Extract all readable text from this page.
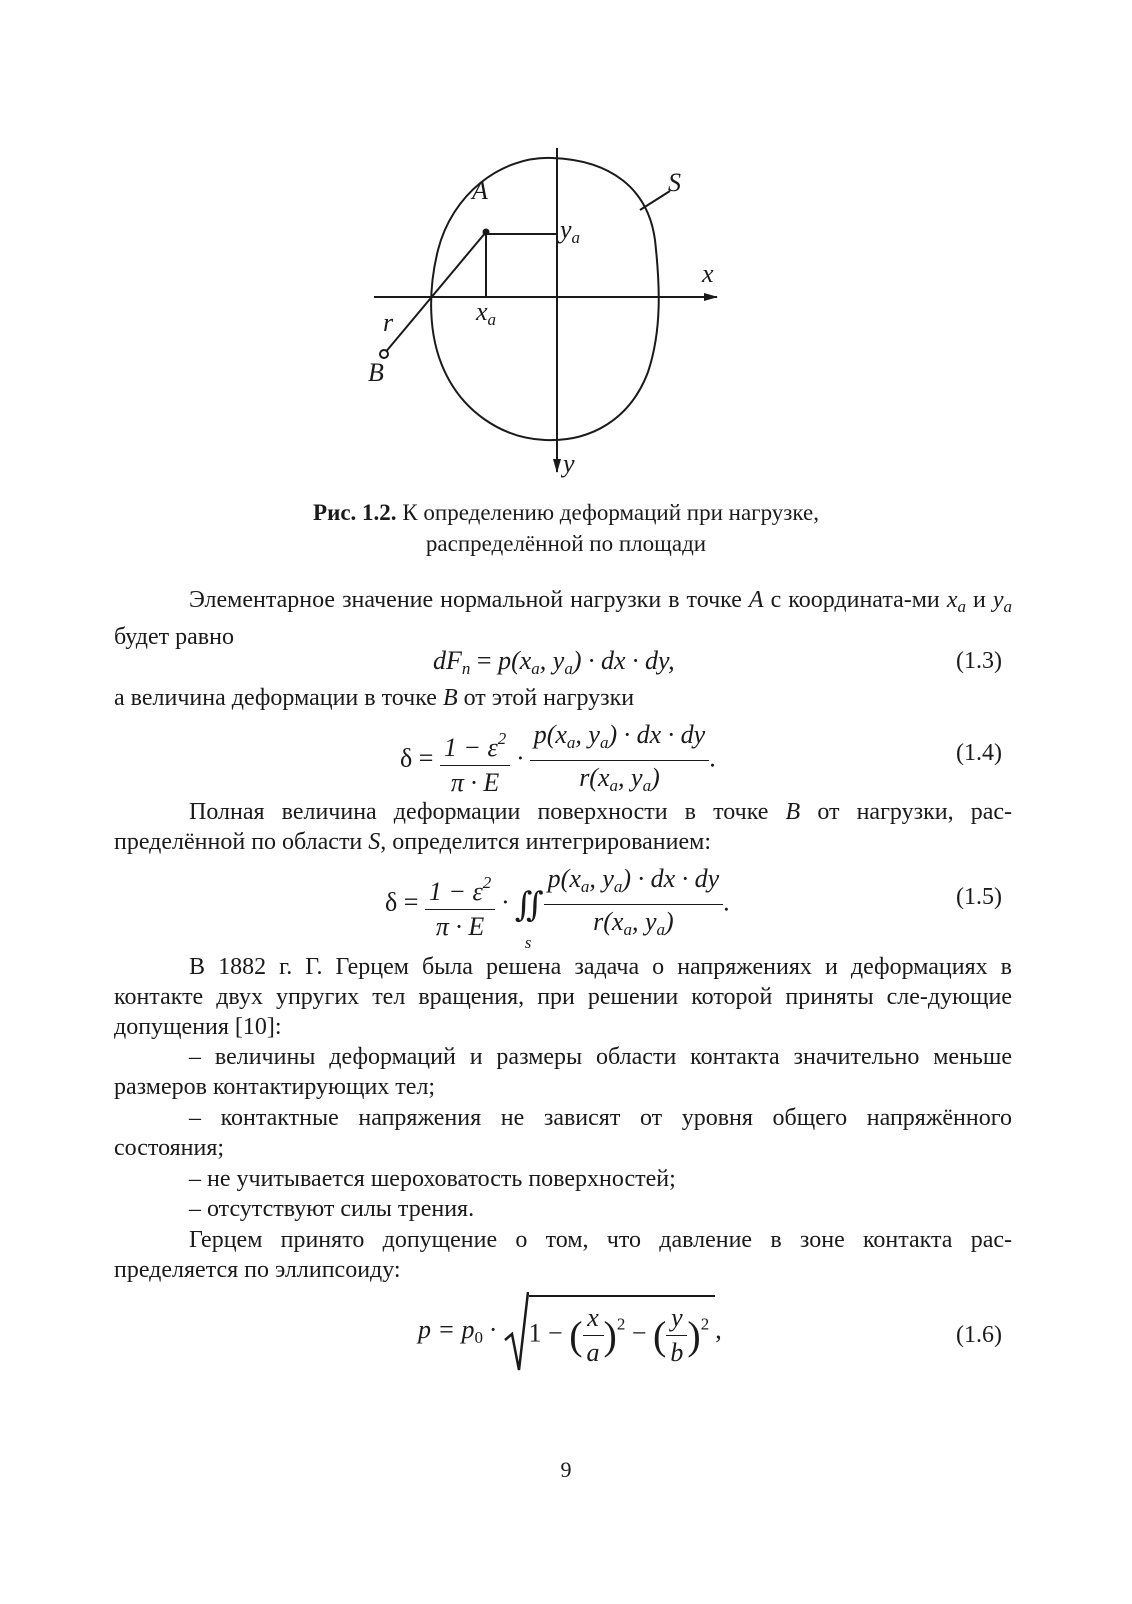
A	S
$y_a$
x
$x_a$
r
B
y
Рис. 1.2. К определению деформаций при нагрузке,
распределённой по площади
Элементарное значение нормальной нагрузки в точке A с координата-ми $x_a$ и $y_a$ будет равно
$dF_n = p(x_a$, $y_a$) · dx · dy,	(1.3)
а величина деформации в точке B от этой нагрузки
$\delta = \frac{1 - \varepsilon^2}{\pi \cdot E} \cdot \frac{p(x_a, y_a) \cdot dx \cdot dy}{r(x_a, y_a)}$ .	(1.4)
Полная величина деформации поверхности в точке B от нагрузки, рас-пределённой по области S, определится интегрированием:
$\delta = \frac{1 - \varepsilon^2}{\pi \cdot E}$ · ∬
s $\frac{p(x_a, y_a) \cdot dx \cdot dy}{r(x_a, y_a)}$ .	(1.5)
В 1882 г. Г. Герцем была решена задача о напряжениях и деформациях в контакте двух упругих тел вращения, при решении которой приняты сле-дующие допущения [10]:
– величины деформаций и размеры области контакта значительно меньше размеров контактирующих тел;
– контактные напряжения не зависят от уровня общего напряжённого состояния;
– не учитывается шероховатость поверхностей;
– отсутствуют силы трения.
Герцем принято допущение о том, что давление в зоне контакта рас-пределяется по эллипсоиду:
$p = p_0 \cdot 1$ − ( $\frac{x}{a} )^2$ − ( $\frac{y}{b} )^2$ ,	(1.6)
9
